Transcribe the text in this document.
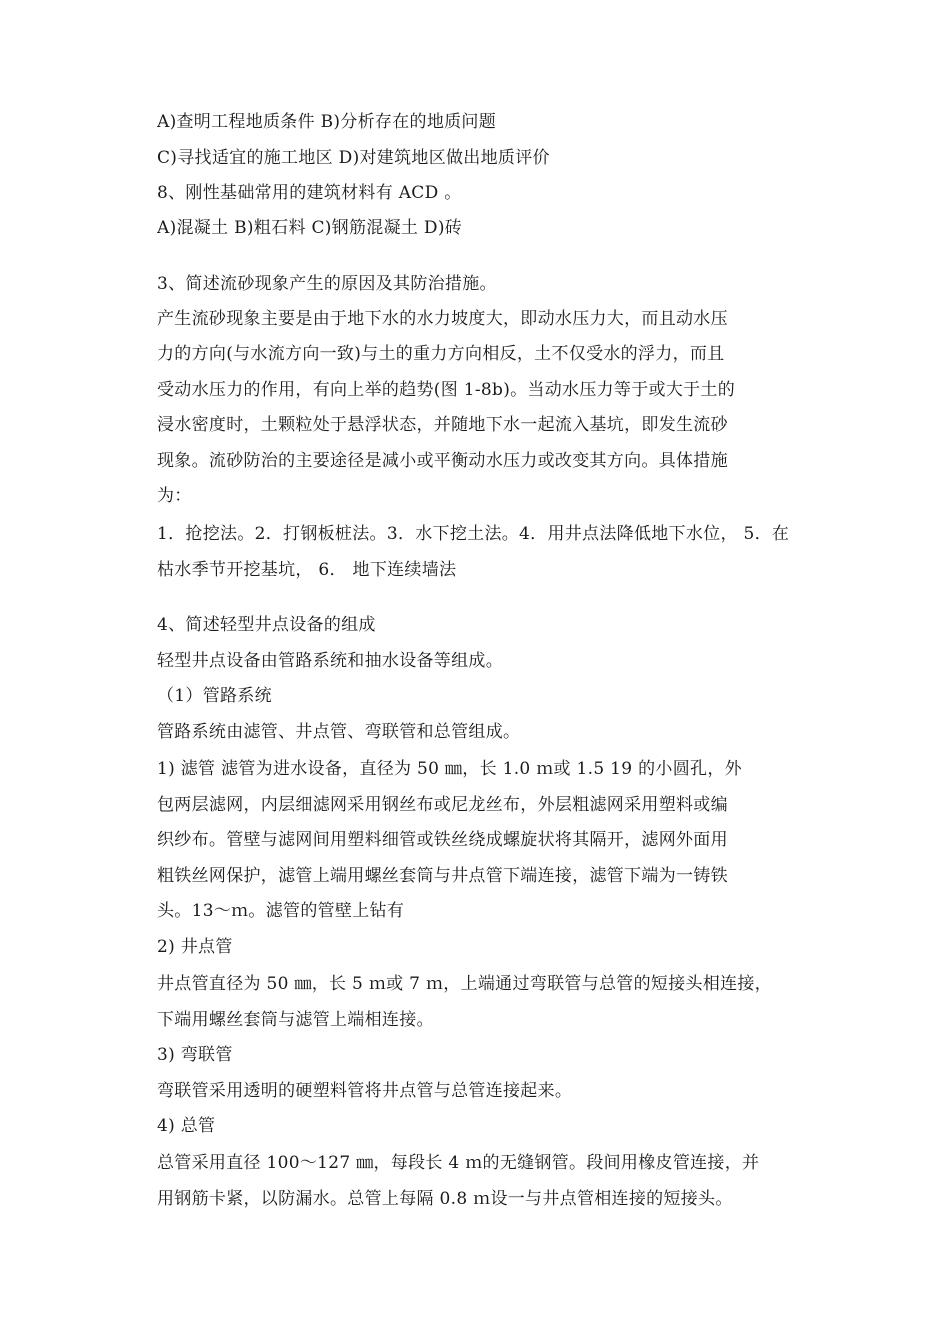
A)查明工程地质条件 B)分析存在的地质问题
C)寻找适宜的施工地区 D)对建筑地区做出地质评价
8、刚性基础常用的建筑材料有 ACD 。
A)混凝土 B)粗石料 C)钢筋混凝土 D)砖
3、简述流砂现象产生的原因及其防治措施。
产生流砂现象主要是由于地下水的水力坡度大，即动水压力大，而且动水压
力的方向(与水流方向一致)与土的重力方向相反，土不仅受水的浮力，而且
受动水压力的作用，有向上举的趋势(图 1-8b)。当动水压力等于或大于土的
浸水密度时，土颗粒处于悬浮状态，并随地下水一起流入基坑，即发生流砂
现象。流砂防治的主要途径是减小或平衡动水压力或改变其方向。具体措施
为：
1．抢挖法。2．打钢板桩法。3．水下挖土法。4．用井点法降低地下水位， 5．在
枯水季节开挖基坑， 6． 地下连续墙法
4、简述轻型井点设备的组成
轻型井点设备由管路系统和抽水设备等组成。
（1）管路系统
管路系统由滤管、井点管、弯联管和总管组成。
1) 滤管 滤管为进水设备，直径为 50 ㎜，长 1.0 ｍ或 1.5 19 的小圆孔，外
包两层滤网，内层细滤网采用钢丝布或尼龙丝布，外层粗滤网采用塑料或编
织纱布。管壁与滤网间用塑料细管或铁丝绕成螺旋状将其隔开，滤网外面用
粗铁丝网保护，滤管上端用螺丝套筒与井点管下端连接，滤管下端为一铸铁
头。13～ｍ。滤管的管壁上钻有
2) 井点管
井点管直径为 50 ㎜，长 5 ｍ或 7 ｍ，上端通过弯联管与总管的短接头相连接，
下端用螺丝套筒与滤管上端相连接。
3) 弯联管
弯联管采用透明的硬塑料管将井点管与总管连接起来。
4) 总管
总管采用直径 100～127 ㎜，每段长 4 ｍ的无缝钢管。段间用橡皮管连接，并
用钢筋卡紧，以防漏水。总管上每隔 0.8 ｍ设一与井点管相连接的短接头。
